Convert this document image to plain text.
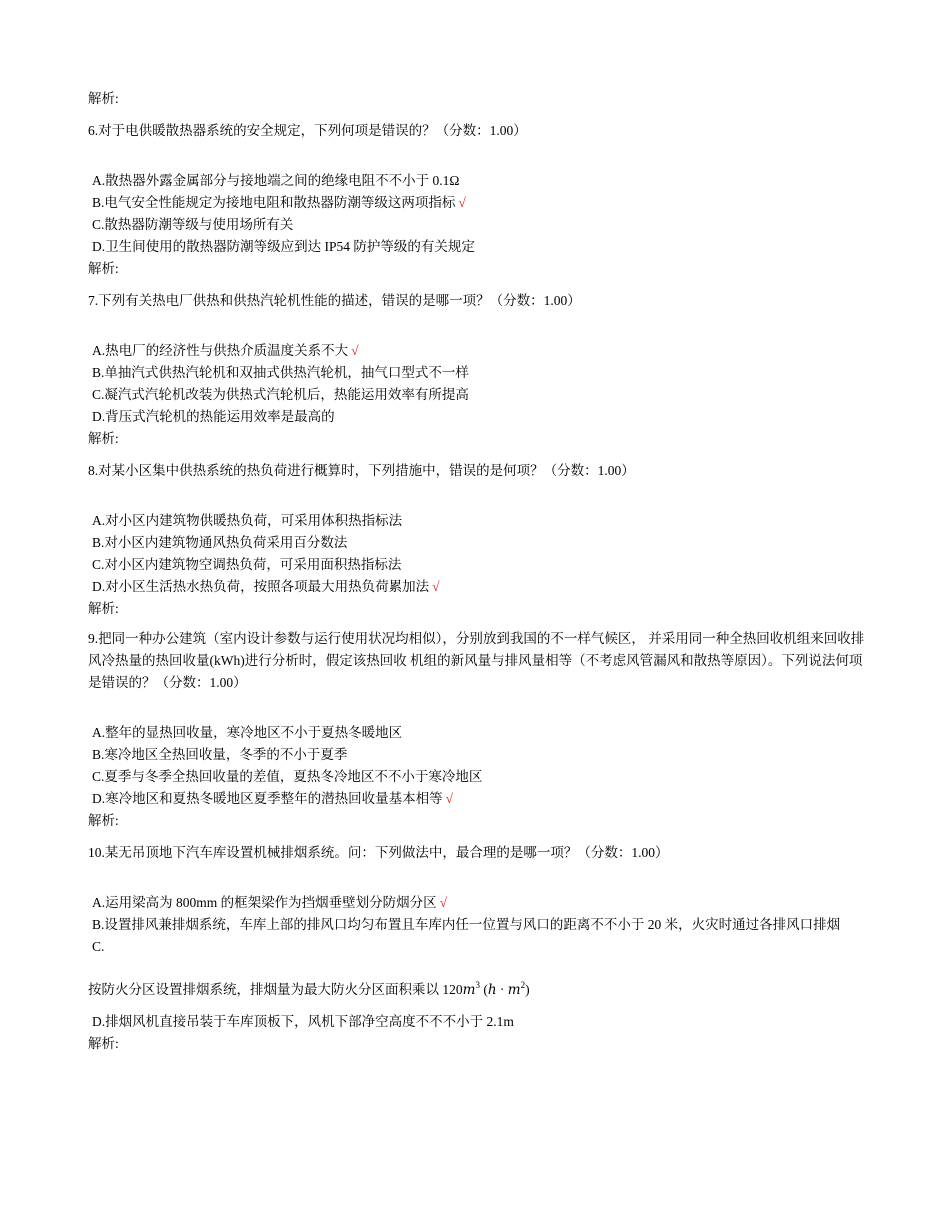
解析:
6.对于电供暖散热器系统的安全规定，下列何项是错误的？（分数：1.00）
A.散热器外露金属部分与接地端之间的绝缘电阻不不小于 0.1Ω
B.电气安全性能规定为接地电阻和散热器防潮等级这两项指标 √
C.散热器防潮等级与使用场所有关
D.卫生间使用的散热器防潮等级应到达 IP54 防护等级的有关规定
解析:
7.下列有关热电厂供热和供热汽轮机性能的描述，错误的是哪一项？（分数：1.00）
A.热电厂的经济性与供热介质温度关系不大 √
B.单抽汽式供热汽轮机和双抽式供热汽轮机，抽气口型式不一样
C.凝汽式汽轮机改装为供热式汽轮机后，热能运用效率有所提高
D.背压式汽轮机的热能运用效率是最高的
解析:
8.对某小区集中供热系统的热负荷进行概算时，下列措施中，错误的是何项？（分数：1.00）
A.对小区内建筑物供暖热负荷，可采用体积热指标法
B.对小区内建筑物通风热负荷采用百分数法
C.对小区内建筑物空调热负荷，可采用面积热指标法
D.对小区生活热水热负荷，按照各项最大用热负荷累加法 √
解析:
9.把同一种办公建筑（室内设计参数与运行使用状况均相似），分别放到我国的不一样气候区， 并采用同一种全热回收机组来回收排风冷热量的热回收量(kWh)进行分析时，假定该热回收 机组的新风量与排风量相等（不考虑风管漏风和散热等原因）。下列说法何项是错误的？（分数：1.00）
A.整年的显热回收量，寒冷地区不小于夏热冬暖地区
B.寒冷地区全热回收量，冬季的不小于夏季
C.夏季与冬季全热回收量的差值，夏热冬冷地区不不小于寒冷地区
D.寒冷地区和夏热冬暖地区夏季整年的潜热回收量基本相等 √
解析:
10.某无吊顶地下汽车库设置机械排烟系统。问：下列做法中，最合理的是哪一项？（分数：1.00）
A.运用梁高为 800mm 的框架梁作为挡烟垂壁划分防烟分区 √
B.设置排风兼排烟系统，车库上部的排风口均匀布置且车库内任一位置与风口的距离不不小于 20 米，火灾时通过各排风口排烟
C.
按防火分区设置排烟系统，排烟量为最大防火分区面积乘以 $120m^3$ $(h \cdot m^2)$
D.排烟风机直接吊装于车库顶板下，风机下部净空高度不不不小于 2.1m
解析:
